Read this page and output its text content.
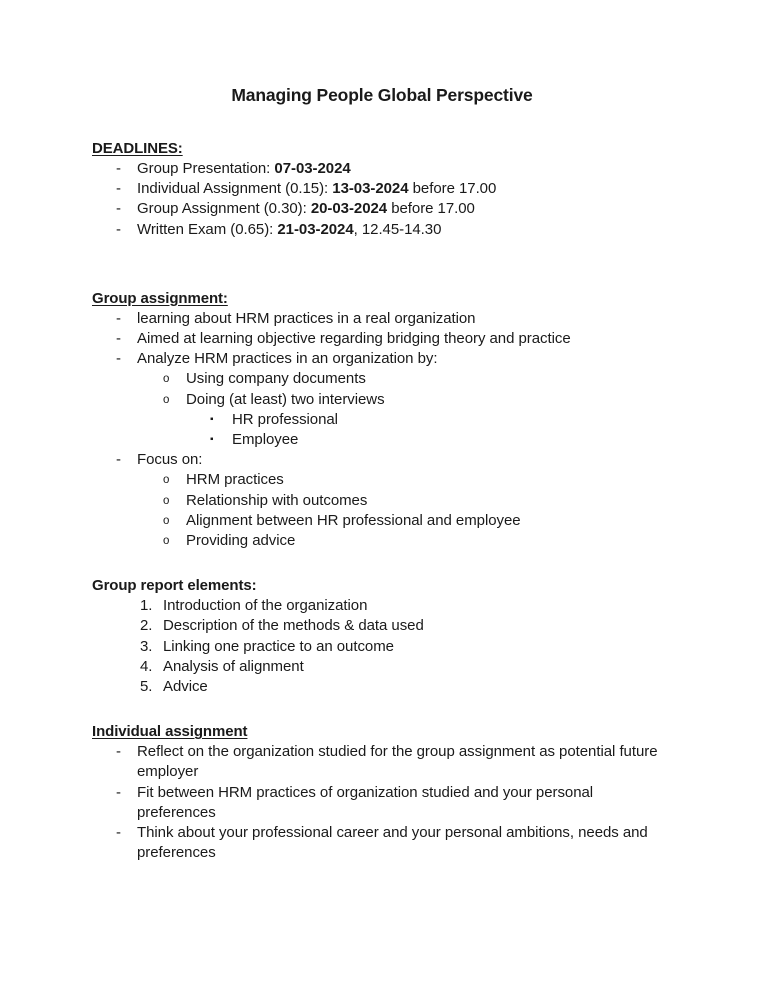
Managing People Global Perspective
DEADLINES:
-	Group Presentation: 07-03-2024
-	Individual Assignment (0.15): 13-03-2024 before 17.00
-	Group Assignment (0.30): 20-03-2024 before 17.00
-	Written Exam (0.65): 21-03-2024, 12.45-14.30
Group assignment:
-	learning about HRM practices in a real organization
-	Aimed at learning objective regarding bridging theory and practice
-	Analyze HRM practices in an organization by:
o	Using company documents
o	Doing (at least) two interviews
▪	HR professional
▪	Employee
-	Focus on:
o	HRM practices
o	Relationship with outcomes
o	Alignment between HR professional and employee
o	Providing advice
Group report elements:
1. Introduction of the organization
2. Description of the methods & data used
3. Linking one practice to an outcome
4. Analysis of alignment
5. Advice
Individual assignment
-	Reflect on the organization studied for the group assignment as potential future employer
-	Fit between HRM practices of organization studied and your personal preferences
-	Think about your professional career and your personal ambitions, needs and preferences
